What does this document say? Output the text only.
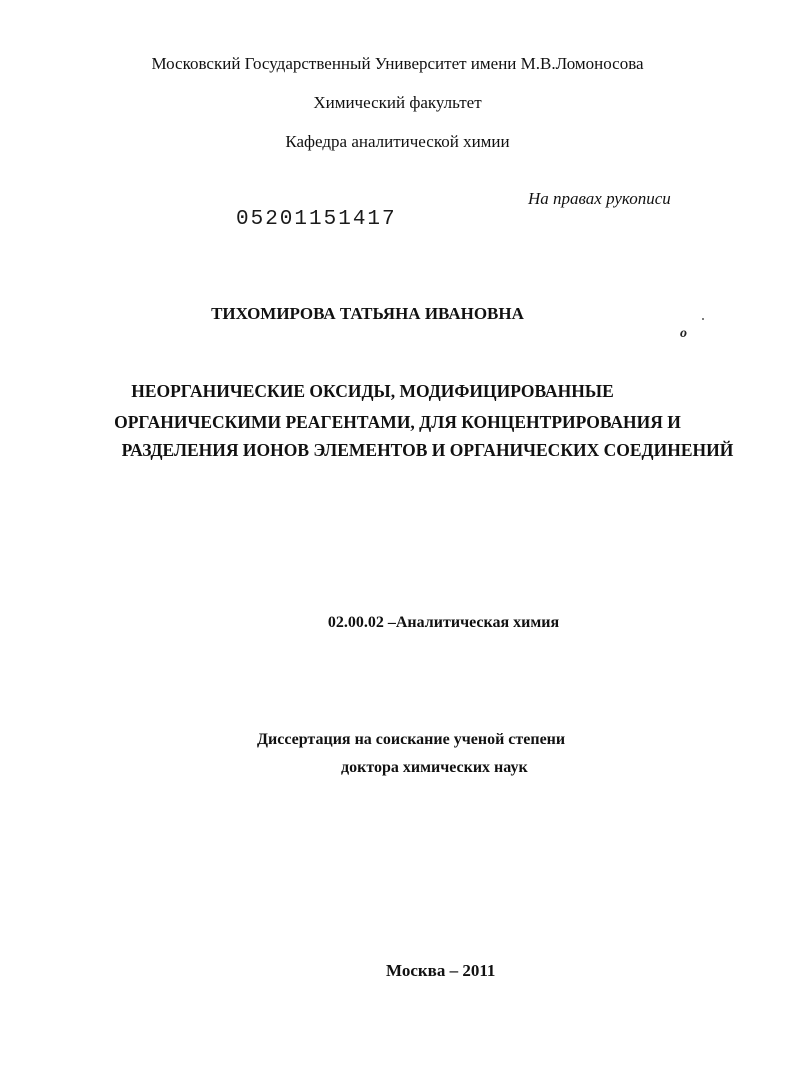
Московский Государственный Университет имени М.В.Ломоносова
Химический факультет
Кафедра аналитической химии
На правах рукописи
05201151417
ТИХОМИРОВА ТАТЬЯНА ИВАНОВНА
o
НЕОРГАНИЧЕСКИЕ ОКСИДЫ, МОДИФИЦИРОВАННЫЕ
ОРГАНИЧЕСКИМИ РЕАГЕНТАМИ, ДЛЯ КОНЦЕНТРИРОВАНИЯ И
РАЗДЕЛЕНИЯ ИОНОВ ЭЛЕМЕНТОВ И ОРГАНИЧЕСКИХ СОЕДИНЕНИЙ
02.00.02 –Аналитическая химия
Диссертация на соискание ученой степени
доктора химических наук
Москва – 2011
